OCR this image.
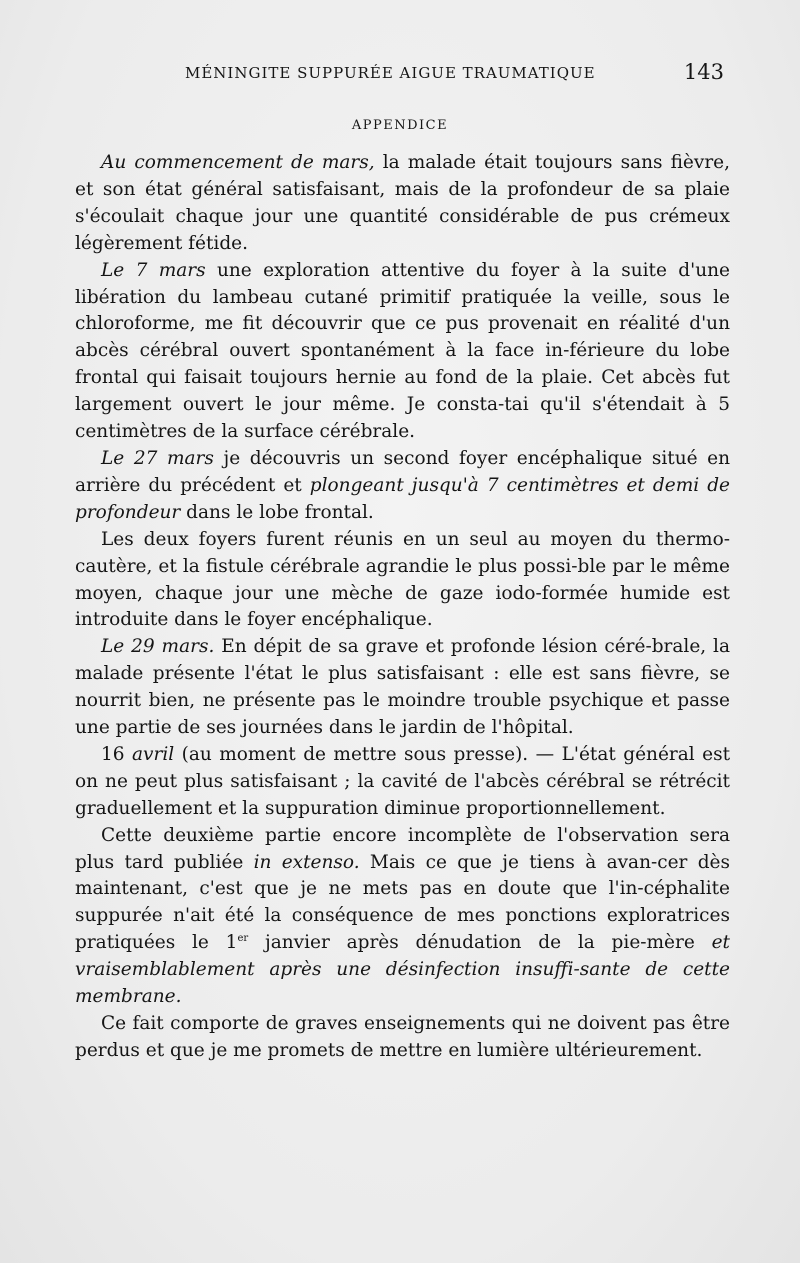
MÉNINGITE SUPPURÉE AIGUE TRAUMATIQUE	143
APPENDICE

Au commencement de mars, la malade était toujours sans fièvre, et son état général satisfaisant, mais de la profondeur de sa plaie s'écoulait chaque jour une quantité considérable de pus crémeux légèrement fétide.

Le 7 mars une exploration attentive du foyer à la suite d'une libération du lambeau cutané primitif pratiquée la veille, sous le chloroforme, me fit découvrir que ce pus provenait en réalité d'un abcès cérébral ouvert spontanément à la face in-férieure du lobe frontal qui faisait toujours hernie au fond de la plaie. Cet abcès fut largement ouvert le jour même. Je consta-tai qu'il s'étendait à 5 centimètres de la surface cérébrale.

Le 27 mars je découvris un second foyer encéphalique situé en arrière du précédent et plongeant jusqu'à 7 centimètres et demi de profondeur dans le lobe frontal.

Les deux foyers furent réunis en un seul au moyen du thermo-cautère, et la fistule cérébrale agrandie le plus possi-ble par le même moyen, chaque jour une mèche de gaze iodo-formée humide est introduite dans le foyer encéphalique.

Le 29 mars. En dépit de sa grave et profonde lésion céré-brale, la malade présente l'état le plus satisfaisant : elle est sans fièvre, se nourrit bien, ne présente pas le moindre trouble psychique et passe une partie de ses journées dans le jardin de l'hôpital.

16 avril (au moment de mettre sous presse). — L'état général est on ne peut plus satisfaisant ; la cavité de l'abcès cérébral se rétrécit graduellement et la suppuration diminue proportionnellement.

Cette deuxième partie encore incomplète de l'observation sera plus tard publiée in extenso. Mais ce que je tiens à avan-cer dès maintenant, c'est que je ne mets pas en doute que l'in-céphalite suppurée n'ait été la conséquence de mes ponctions exploratrices pratiquées le 1er janvier après dénudation de la pie-mère et vraisemblablement après une désinfection insuffi-sante de cette membrane.

Ce fait comporte de graves enseignements qui ne doivent pas être perdus et que je me promets de mettre en lumière ultérieurement.
